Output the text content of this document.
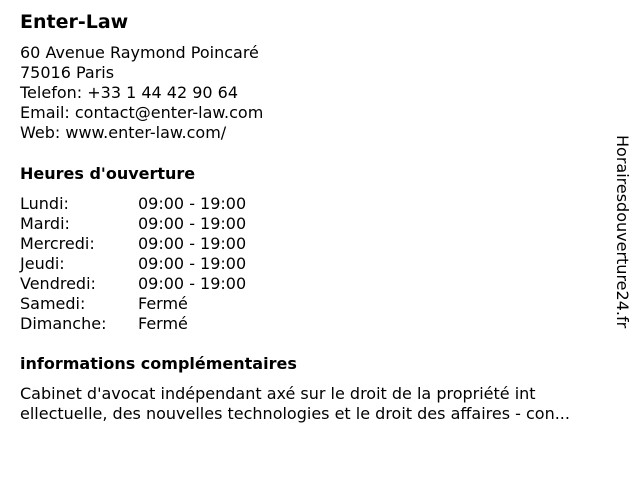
Enter-Law
60 Avenue Raymond Poincaré
75016 Paris
Telefon: +33 1 44 42 90 64
Email: contact@enter-law.com
Web: www.enter-law.com/
Heures d'ouverture
Lundi:	09:00 - 19:00
Mardi:	09:00 - 19:00
Mercredi:	09:00 - 19:00
Jeudi:	09:00 - 19:00
Vendredi:	09:00 - 19:00
Samedi:	Fermé
Dimanche: Fermé
informations complémentaires
Cabinet d'avocat indépendant axé sur le droit de la propriété int
ellectuelle, des nouvelles technologies et le droit des affaires - con...
Horairesdouverture24.fr
